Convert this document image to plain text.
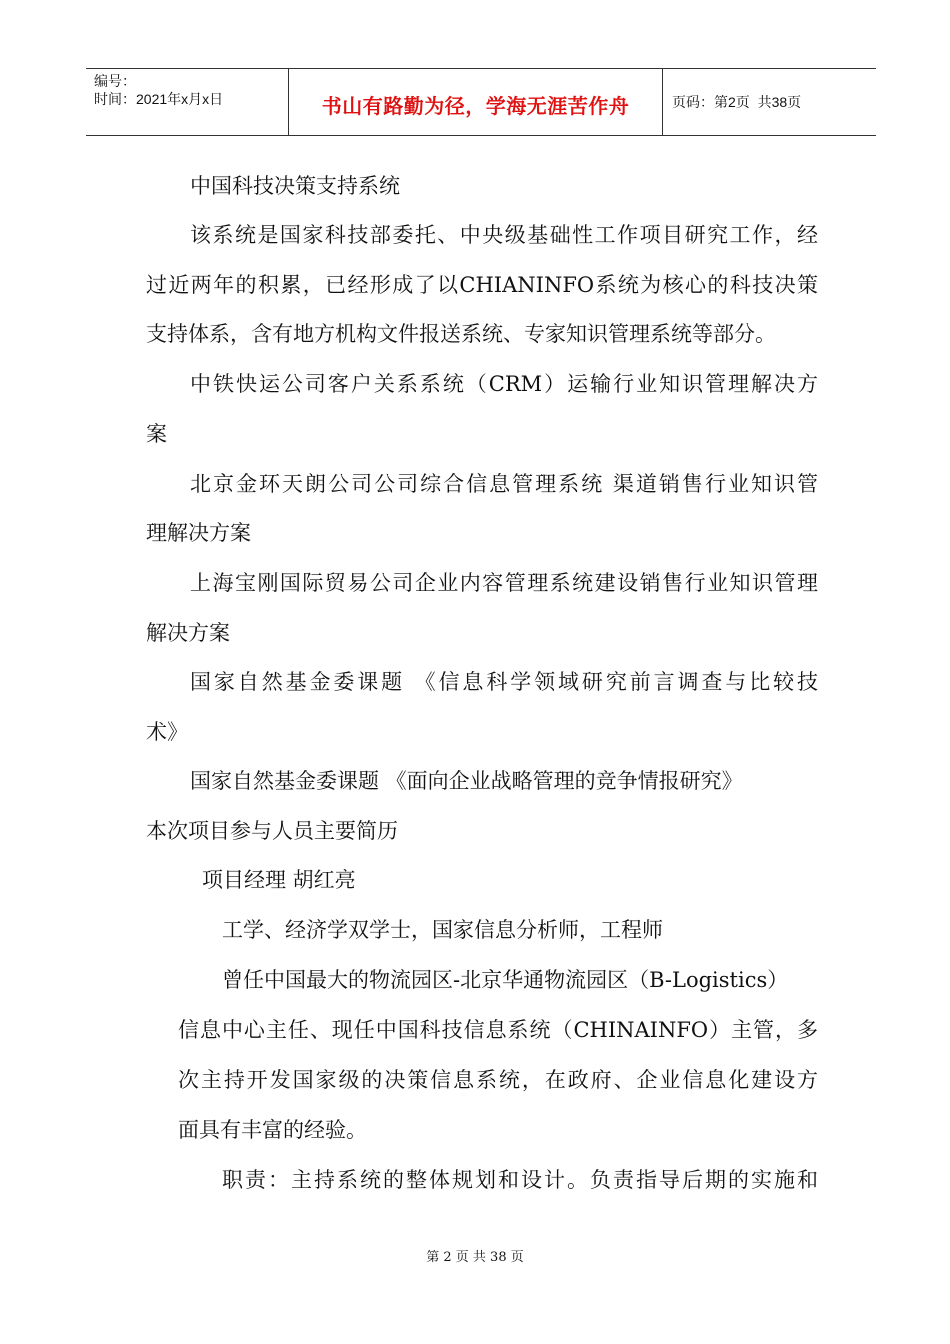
编号：
时间：2021年x月x日	书山有路勤为径，学海无涯苦作舟	页码：第2页  共38页

中国科技决策支持系统

该系统是国家科技部委托、中央级基础性工作项目研究工作，经

过近两年的积累，已经形成了以CHIANINFO系统为核心的科技决策

支持体系，含有地方机构文件报送系统、专家知识管理系统等部分。

中铁快运公司客户关系系统（CRM）运输行业知识管理解决方

案

北京金环天朗公司公司综合信息管理系统 渠道销售行业知识管

理解决方案

上海宝刚国际贸易公司企业内容管理系统建设销售行业知识管理

解决方案

国家自然基金委课题 《信息科学领域研究前言调查与比较技

术》

国家自然基金委课题 《面向企业战略管理的竞争情报研究》

本次项目参与人员主要简历

项目经理 胡红亮

工学、经济学双学士，国家信息分析师，工程师

曾任中国最大的物流园区-北京华通物流园区（B-Logistics）

信息中心主任、现任中国科技信息系统（CHINAINFO）主管，多

次主持开发国家级的决策信息系统，在政府、企业信息化建设方

面具有丰富的经验。

职责：主持系统的整体规划和设计。负责指导后期的实施和

第 2 页 共 38 页
